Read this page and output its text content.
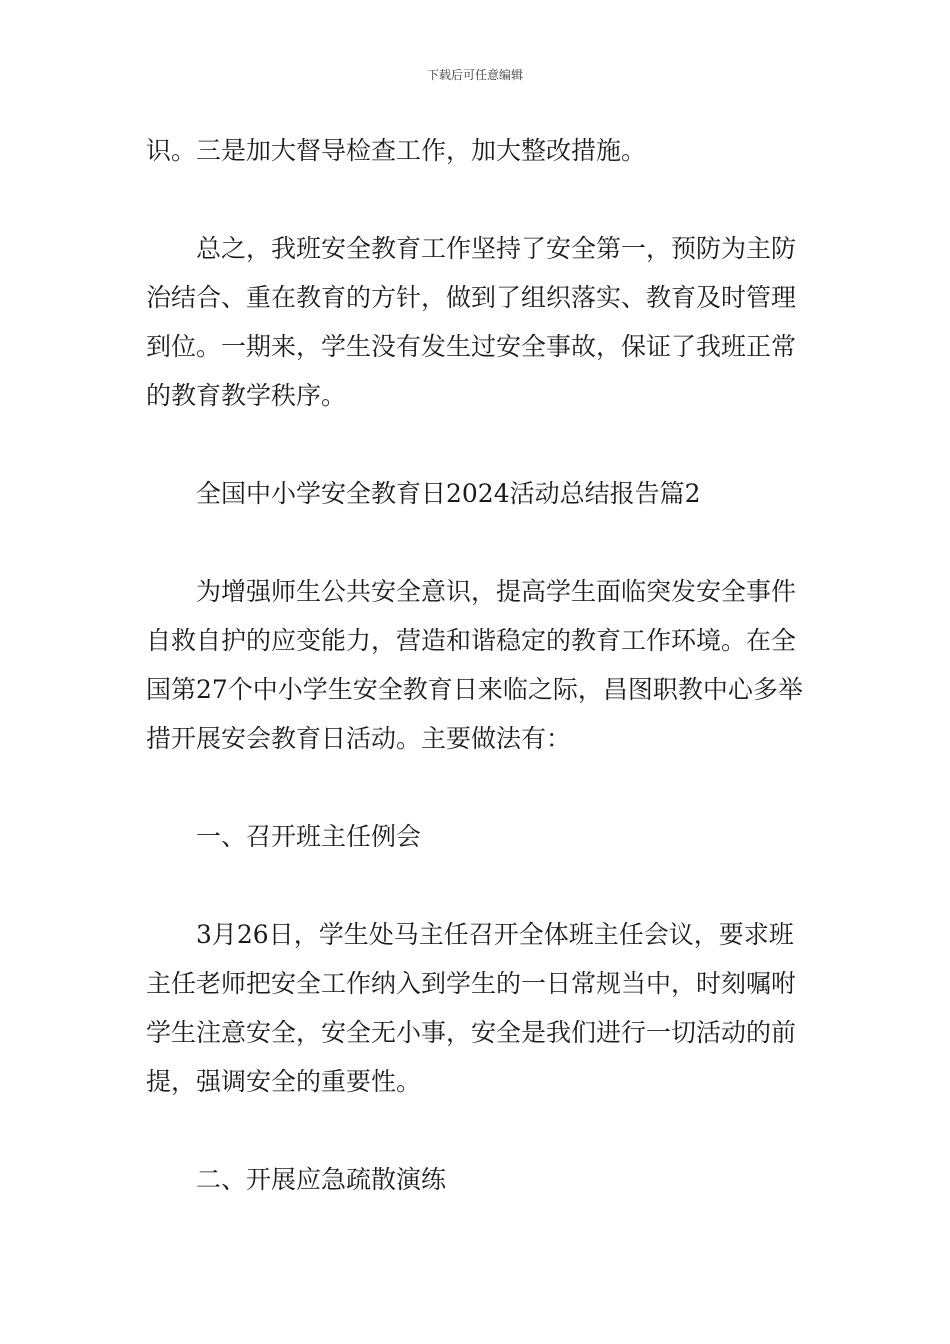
下载后可任意编辑

识。三是加大督导检查工作，加大整改措施。

总之，我班安全教育工作坚持了安全第一，预防为主防治结合、重在教育的方针，做到了组织落实、教育及时管理到位。一期来，学生没有发生过安全事故，保证了我班正常的教育教学秩序。

全国中小学安全教育日2024活动总结报告篇2

为增强师生公共安全意识，提高学生面临突发安全事件自救自护的应变能力，营造和谐稳定的教育工作环境。在全国第27个中小学生安全教育日来临之际，昌图职教中心多举措开展安会教育日活动。主要做法有：

一、召开班主任例会

3月26日，学生处马主任召开全体班主任会议，要求班主任老师把安全工作纳入到学生的一日常规当中，时刻嘱咐学生注意安全，安全无小事，安全是我们进行一切活动的前提，强调安全的重要性。

二、开展应急疏散演练
